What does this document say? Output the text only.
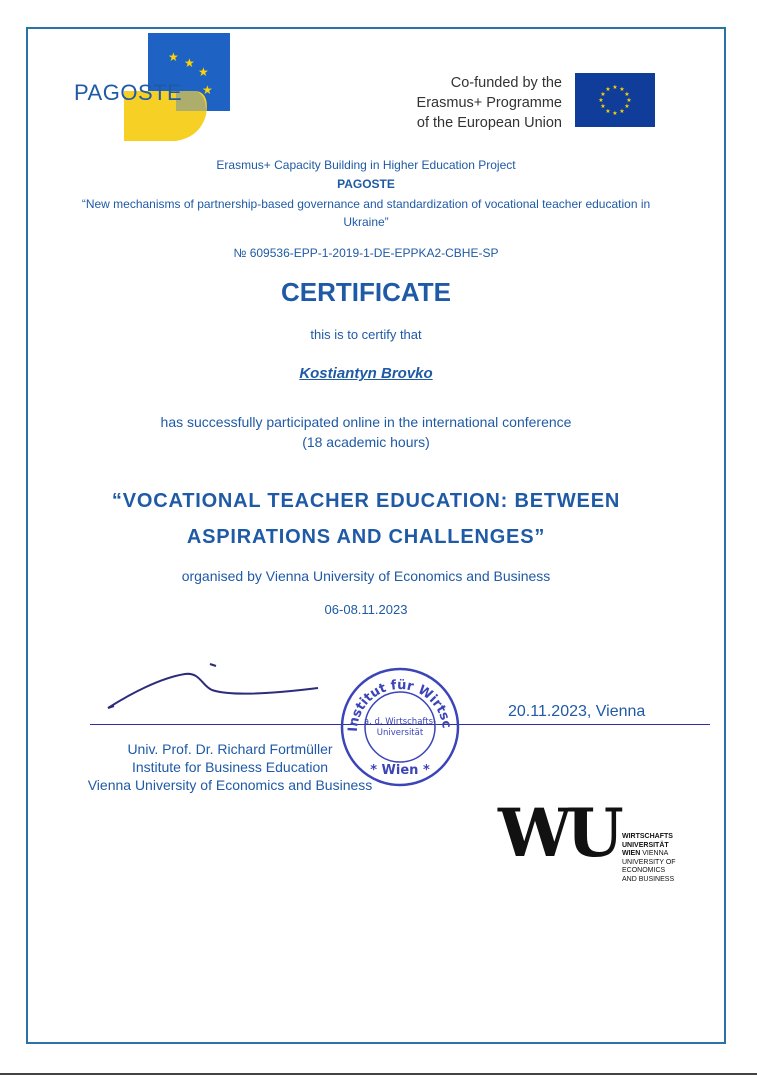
★ ★
★
★
PAGOSTE	Co-funded by the
Erasmus+ Programme
of the European Union
★ ★
★
★
★
★
★
★
★
★
★
★
Erasmus+ Capacity Building in Higher Education Project
PAGOSTE
“New mechanisms of partnership-based governance and standardization of vocational teacher education in Ukraine”
№ 609536-EPP-1-2019-1-DE-EPPKA2-CBHE-SP
CERTIFICATE
this is to certify that
Kostiantyn Brovko
has successfully participated online in the international conference
(18 academic hours)
“VOCATIONAL TEACHER EDUCATION: BETWEEN
ASPIRATIONS AND CHALLENGES”
organised by Vienna University of Economics and Business
06-08.11.2023
Institut für Wirtsc
a. d. Wirtschafts-
Universität
* Wien *
20.11.2023, Vienna
Univ. Prof. Dr. Richard Fortmüller
Institute for Business Education
Vienna University of Economics and Business
WU WIRTSCHAFTS
UNIVERSITÄT
WIEN VIENNA
UNIVERSITY OF
ECONOMICS
AND BUSINESS
